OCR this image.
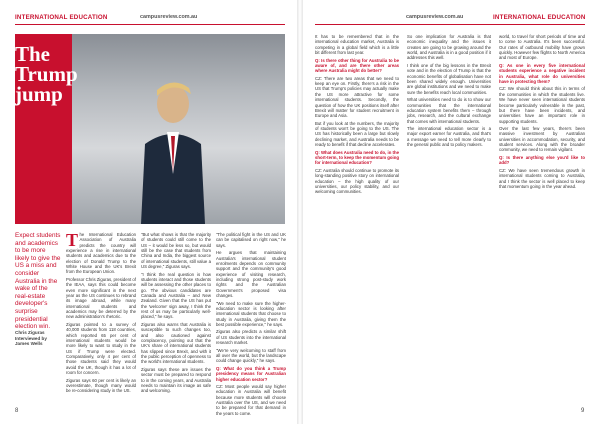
INTERNATIONAL EDUCATION	campusreview.com.au
The
Trump
jump
Expect students and academics to be more likely to give the US a miss and consider Australia in the wake of the real-estate developer's surprise presidential election win.
Chris Ziguras
Interviewed by James Wells

The International Education Association of Australia predicts the country will experience a rise in international students and academics due to the election of Donald Trump to the White House and the UK's Brexit from the European Union.

Professor Chris Ziguras, president of the IEAA, says this could become even more significant in the next year as the US continues to rebrand its image abroad, while many international students and academics may be deterred by the new administration's rhetoric.

Ziguras pointed to a survey of 40,000 students from 118 countries, which reported 65 per cent of international students would be more likely to want to study in the US if Trump were elected. Comparatively, only 4 per cent of those students said they would avoid the UK, though it has a lot of room for concern.

Ziguras says 60 per cent is likely an overestimate, though many would be re-considering study in the US.

"But what shows is that the majority of students could still come to the US – it would be less so, but would still be the case that students from China and India, the biggest source of international students, still value a US degree," Ziguras says.

"I think the real question is how students interact and those students will be assessing the other places to go. The obvious candidates are Canada and Australia – and New Zealand. Given that the US has put the 'welcome' sign away, I think the rest of us may be particularly well-placed," he says.

Ziguras also warns that Australia is susceptible to such changes too, and also cautioned against complacency, pointing out that the UK's share of international students has slipped since Brexit, and with it the public perception of openness to the world's international students.

Ziguras says these are issues the sector must be prepared to respond to in the coming years, and Australia needs to maintain its image as safe and welcoming.

"The political fight in the US and UK can be capitalised on right now," he says.

He argues that maintaining Australia's international student enrolments depends on community support and the community's good experience of visiting research, including strong post-study work rights and the Australian Government's proposed visa changes.

"We need to make sure the higher-education sector is looking after international students that choose to study in Australia, giving them the best possible experience," he says.

Ziguras also predicts a similar shift of US students into the international research market.

"We're very welcoming to staff from all over the world, but the landscape could change quickly," he says.

Q: What do you think a Trump presidency means for Australian higher education sector?

CZ: Most people would say higher education in Australia will benefit because more students will choose Australia over the US, and we need to be prepared for that demand in the years to come.

8
campusreview.com.au	INTERNATIONAL EDUCATION

It has to be remembered that in the international education market, Australia is competing in a global field which is a little bit different from last year.

Q: Is there other thing for Australia to be aware of, and are there other areas where Australia might do better?

CZ: There are two areas that we need to keep an eye on. Firstly, there's a risk in the US that Trump's policies may actually make the US more attractive for some international students. Secondly, the question of how the UK positions itself after Brexit will matter for student recruitment in Europe and Asia.

But if you look at the numbers, the majority of students won't be going to the US. The US has historically been a large but slowly declining market, and Australia needs to be ready to benefit if that decline accelerates.

Q: What does Australia need to do, in the short-term, to keep the momentum going for international education?

CZ: Australia should continue to promote its long-standing positive story on international education – the high quality of our universities, our policy stability, and our welcoming communities.

So one implication for Australia is that economic inequality and the issues it creates are going to be growing around the world, and Australia is in a good position if it addresses this well.

I think one of the big lessons in the Brexit vote and in the election of Trump is that the economic benefits of globalisation have not been shared widely enough. Universities are global institutions and we need to make sure the benefits reach local communities.

What universities need to do is to show our communities that the international education system benefits them – through jobs, research, and the cultural exchange that comes with international students.

The international education sector is a major export earner for Australia, and that's a message we need to tell more clearly to the general public and to policy makers.

world, to travel for short periods of time and to come to Australia. It's been successful. Our rates of outbound mobility have grown quickly. However few flights to North America and most of Europe.

Q: As one in every five international students experience a negative incident in Australia, what role do universities have in protecting them?

CZ: We should think about this in terms of the communities in which the students live. We have never seen international students become particularly vulnerable in the past, but there have been incidents, and universities have an important role in supporting students.

Over the last few years, there's been massive investment by Australian universities in accommodation, security, and student services. Along with the broader community, we need to remain vigilant.

Q: Is there anything else you'd like to add?

CZ: We have seen tremendous growth in international students coming to Australia, and I think the sector is well placed to keep that momentum going in the year ahead.

9
